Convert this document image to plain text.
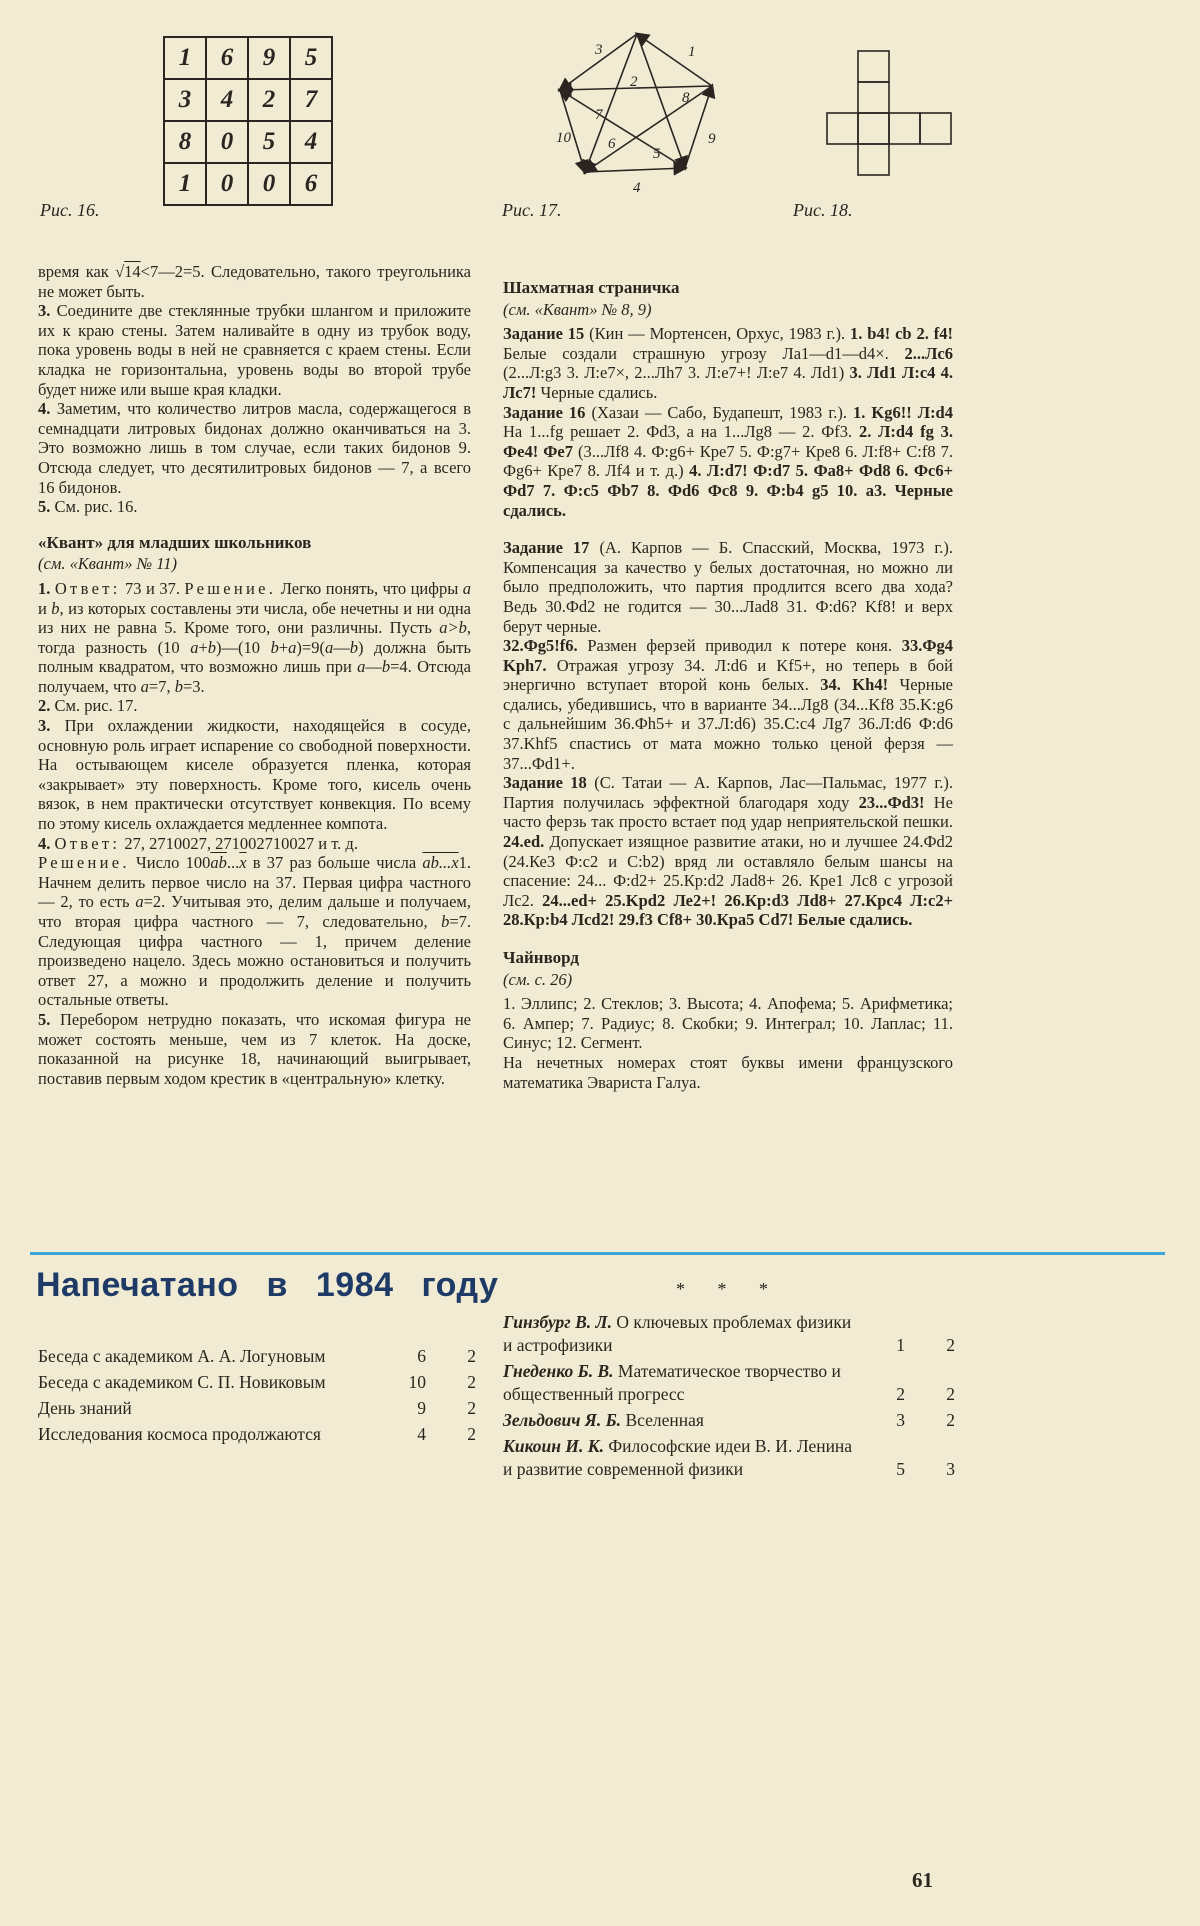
1	6	9	5
3	4	2	7
8	0	5	4
1	0	0	6
3	1
2
7
8
10 6	9
5
4
Рис. 16.	Рис. 17.	Рис. 18.
время как √14<7—2=5. Следовательно, такого треугольника не может быть.
3. Соедините две стеклянные трубки шлангом и приложите их к краю стены. Затем наливайте в одну из трубок воду, пока уровень воды в ней не сравняется с краем стены. Если кладка не горизонтальна, уровень воды во второй трубе будет ниже или выше края кладки.
4. Заметим, что количество литров масла, содержащегося в семнадцати литровых бидонах должно оканчиваться на 3. Это возможно лишь в том случае, если таких бидонов 9. Отсюда следует, что десятилитровых бидонов — 7, а всего 16 бидонов.
5. См. рис. 16.
«Квант» для младших школьников
(см. «Квант» № 11)
1. Ответ: 73 и 37. Решение. Легко понять, что цифры a и b, из которых составлены эти числа, обе нечетны и ни одна из них не равна 5. Кроме того, они различны. Пусть a>b, тогда разность (10 a+b)—(10 b+a)=9(a—b) должна быть полным квадратом, что возможно лишь при a—b=4. Отсюда получаем, что a=7, b=3.
2. См. рис. 17.
3. При охлаждении жидкости, находящейся в сосуде, основную роль играет испарение со свободной поверхности. На остывающем киселе образуется пленка, которая «закрывает» эту поверхность. Кроме того, кисель очень вязок, в нем практически отсутствует конвекция. По всему по этому кисель охлаждается медленнее компота.
4. Ответ: 27, 2710027, 271002710027 и т. д.
Решение. Число $100\overline{ab}...\overline{x}$ в 37 раз больше числа ab...x1. Начнем делить первое число на 37. Первая цифра частного — 2, то есть a=2. Учитывая это, делим дальше и получаем, что вторая цифра частного — 7, следовательно, b=7. Следующая цифра частного — 1, причем деление произведено нацело. Здесь можно остановиться и получить ответ 27, а можно и продолжить деление и получить остальные ответы.
5. Перебором нетрудно показать, что искомая фигура не может состоять меньше, чем из 7 клеток. На доске, показанной на рисунке 18, начинающий выигрывает, поставив первым ходом крестик в «центральную» клетку.
Шахматная страничка
(см. «Квант» № 8, 9)
Задание 15 (Кин — Мортенсен, Орхус, 1983 г.). 1. b4! cb 2. f4! Белые создали страшную угрозу Ла1—d1—d4×. 2...Лс6 (2...Л:g3 3. Л:e7×, 2...Лh7 3. Л:e7+! Л:e7 4. Лd1) 3. Лd1 Л:c4 4. Лс7! Черные сдались.
Задание 16 (Хазаи — Сабо, Будапешт, 1983 г.). 1. Kg6!! Л:d4 На 1...fg решает 2. Фd3, а на 1...Лg8 — 2. Фf3. 2. Л:d4 fg 3. Фе4! Фе7 (3...Лf8 4. Ф:g6+ Кре7 5. Ф:g7+ Кре8 6. Л:f8+ С:f8 7. Фg6+ Кре7 8. Лf4 и т. д.) 4. Л:d7! Ф:d7 5. Фа8+ Фd8 6. Фс6+ Фd7 7. Ф:с5 Фb7 8. Фd6 Фс8 9. Ф:b4 g5 10. а3. Черные сдались.
Задание 17 (А. Карпов — Б. Спасский, Москва, 1973 г.). Компенсация за качество у белых достаточная, но можно ли было предположить, что партия продлится всего два хода? Ведь 30.Фd2 не годится — 30...Лad8 31. Ф:d6? Kf8! и верх берут черные.
32.Фg5!f6. Размен ферзей приводил к потере коня. 33.Фg4 Kph7. Отражая угрозу 34. Л:d6 и Kf5+, но теперь в бой энергично вступает второй конь белых. 34. Kh4! Черные сдались, убедившись, что в варианте 34...Лg8 (34...Kf8 35.K:g6 с дальнейшим 36.Фh5+ и 37.Л:d6) 35.С:с4 Лg7 36.Л:d6 Ф:d6 37.Khf5 спастись от мата можно только ценой ферзя — 37...Фd1+.
Задание 18 (С. Татаи — А. Карпов, Лас—Пальмас, 1977 г.). Партия получилась эффектной благодаря ходу 23...Фd3! Не часто ферзь так просто встает под удар неприятельской пешки. 24.ed. Допускает изящное развитие атаки, но и лучшее 24.Фd2 (24.Ке3 Ф:с2 и С:b2) вряд ли оставляло белым шансы на спасение: 24... Ф:d2+ 25.Кр:d2 Лad8+ 26. Кре1 Лс8 с угрозой Лс2. 24...ed+ 25.Kpd2 Ле2+! 26.Кр:d3 Лd8+ 27.Крс4 Л:с2+ 28.Кр:b4 Лсd2! 29.f3 Cf8+ 30.Кра5 Cd7! Белые сдались.
Чайнворд
(см. с. 26)
1. Эллипс; 2. Стеклов; 3. Высота; 4. Апофема; 5. Арифметика; 6. Ампер; 7. Радиус; 8. Скобки; 9. Интеграл; 10. Лаплас; 11. Синус; 12. Сегмент.
На нечетных номерах стоят буквы имени французского математика Эвариста Галуа.
Напечатано в 1984 году
Беседа с академиком А. А. Логуновым	6	2
Беседа с академиком С. П. Новиковым	10	2
День знаний	9	2
Исследования космоса продолжаются	4	2
* * *
Гинзбург В. Л. О ключевых проблемах физики и астрофизики	1	2
Гнеденко Б. В. Математическое творчество и общественный прогресс	2	2
Зельдович Я. Б. Вселенная	3	2
Кикоин И. К. Философские идеи В. И. Ленина и развитие современной физики	5	3
61
